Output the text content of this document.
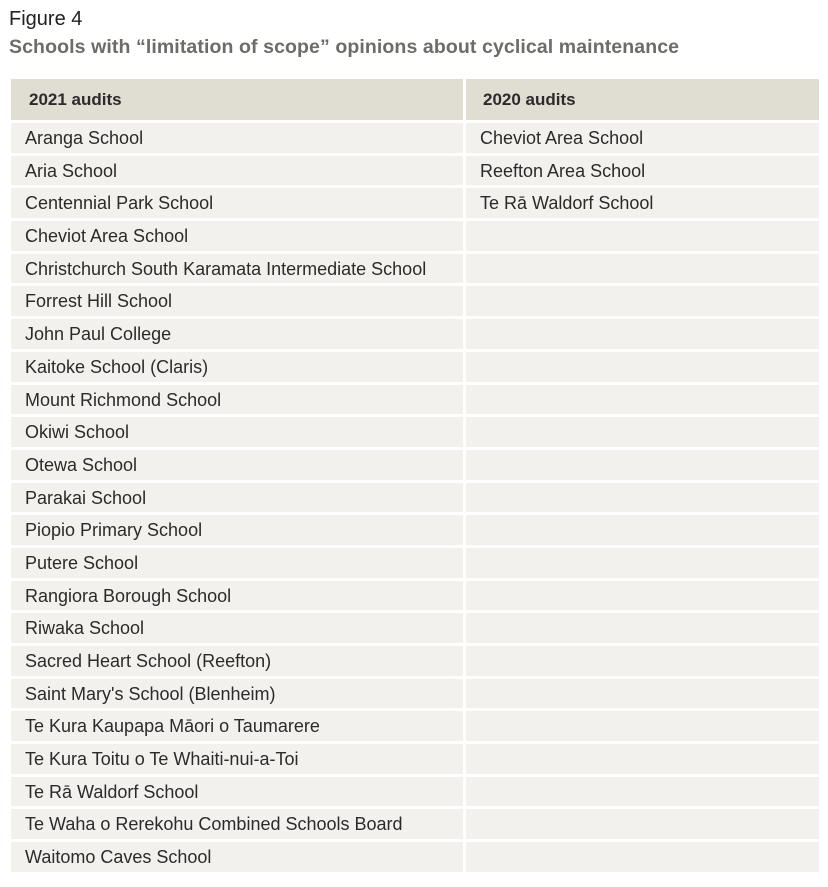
Figure 4
Schools with “limitation of scope” opinions about cyclical maintenance
2021 audits
Aranga School
Aria School
Centennial Park School
Cheviot Area School
Christchurch South Karamata Intermediate School
Forrest Hill School
John Paul College
Kaitoke School (Claris)
Mount Richmond School
Okiwi School
Otewa School
Parakai School
Piopio Primary School
Putere School
Rangiora Borough School
Riwaka School
Sacred Heart School (Reefton)
Saint Mary's School (Blenheim)
Te Kura Kaupapa Māori o Taumarere
Te Kura Toitu o Te Whaiti-nui-a-Toi
Te Rā Waldorf School
Te Waha o Rerekohu Combined Schools Board
Waitomo Caves School
2020 audits
Cheviot Area School
Reefton Area School
Te Rā Waldorf School
